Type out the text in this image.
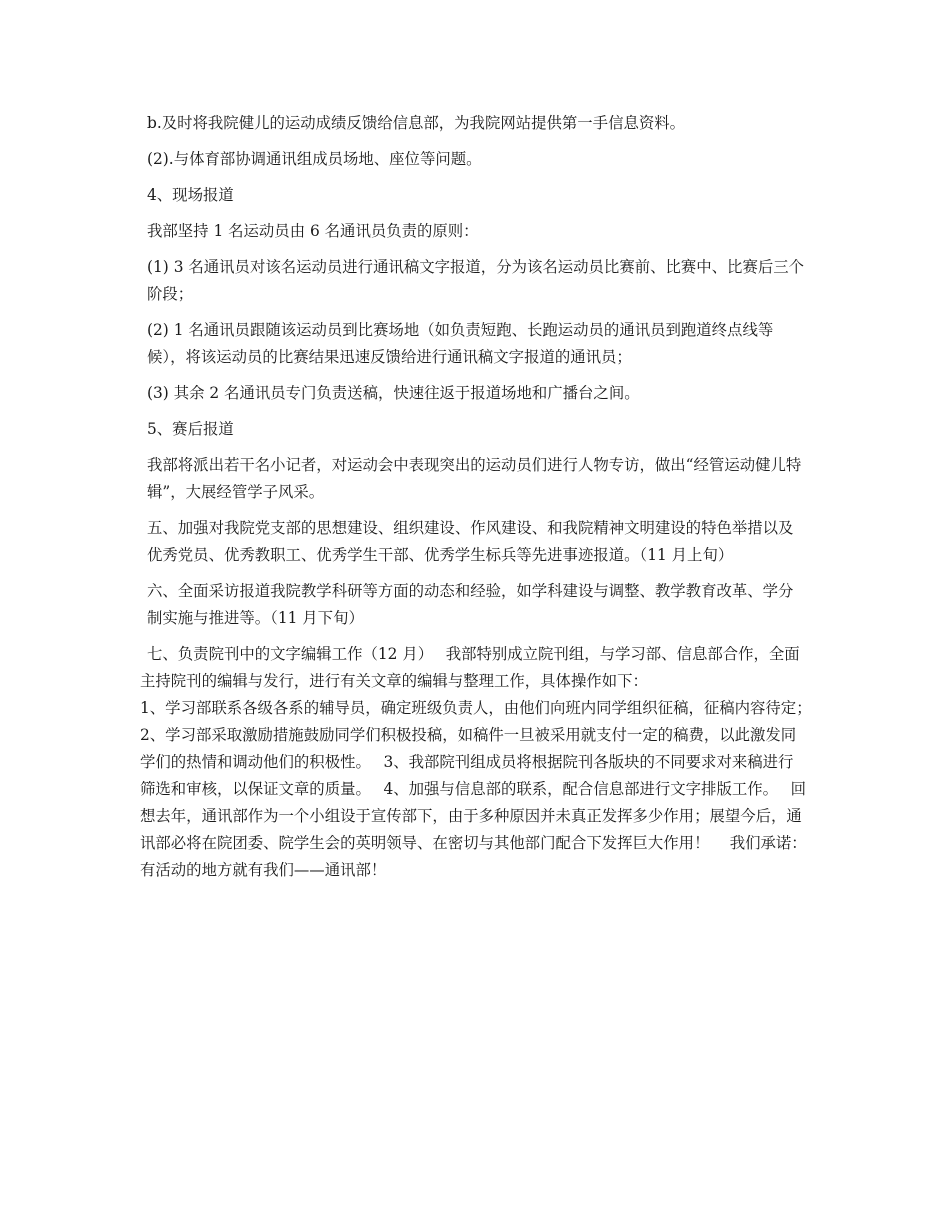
b.及时将我院健儿的运动成绩反馈给信息部，为我院网站提供第一手信息资料。

(2).与体育部协调通讯组成员场地、座位等问题。

4、现场报道

我部坚持 1 名运动员由 6 名通讯员负责的原则：

(1) 3 名通讯员对该名运动员进行通讯稿文字报道，分为该名运动员比赛前、比赛中、比赛后三个阶段；

(2) 1 名通讯员跟随该运动员到比赛场地（如负责短跑、长跑运动员的通讯员到跑道终点线等候），将该运动员的比赛结果迅速反馈给进行通讯稿文字报道的通讯员；

(3) 其余 2 名通讯员专门负责送稿，快速往返于报道场地和广播台之间。

5、赛后报道

我部将派出若干名小记者，对运动会中表现突出的运动员们进行人物专访，做出“经管运动健儿特辑”，大展经管学子风采。

五、加强对我院党支部的思想建设、组织建设、作风建设、和我院精神文明建设的特色举措以及优秀党员、优秀教职工、优秀学生干部、优秀学生标兵等先进事迹报道。（11 月上旬）

六、全面采访报道我院教学科研等方面的动态和经验，如学科建设与调整、教学教育改革、学分制实施与推进等。（11 月下旬）

七、负责院刊中的文字编辑工作（12 月）　 我部特别成立院刊组，与学习部、信息部合作，全面主持院刊的编辑与发行，进行有关文章的编辑与整理工作，具体操作如下：
1、学习部联系各级各系的辅导员，确定班级负责人，由他们向班内同学组织征稿，征稿内容待定；　 2、学习部采取激励措施鼓励同学们积极投稿，如稿件一旦被采用就支付一定的稿费，以此激发同学们的热情和调动他们的积极性。　 3、我部院刊组成员将根据院刊各版块的不同要求对来稿进行筛选和审核，以保证文章的质量。　 4、加强与信息部的联系，配合信息部进行文字排版工作。　 回想去年，通讯部作为一个小组设于宣传部下，由于多种原因并未真正发挥多少作用；展望今后，通讯部必将在院团委、院学生会的英明领导、在密切与其他部门配合下发挥巨大作用！　 我们承诺：　 有活动的地方就有我们——通讯部！
